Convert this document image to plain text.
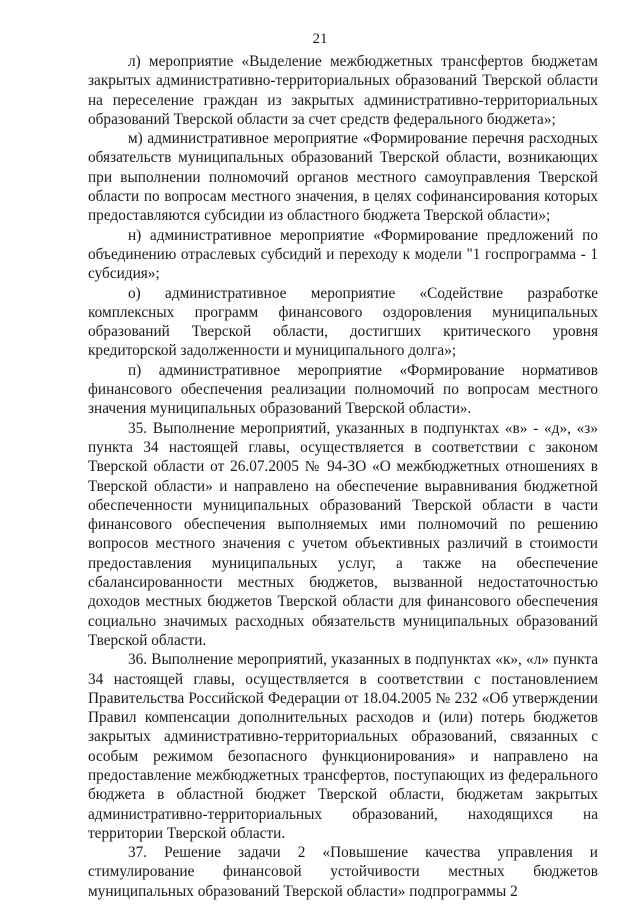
21

л) мероприятие «Выделение межбюджетных трансфертов бюджетам закрытых административно-территориальных образований Тверской области на переселение граждан из закрытых административно-территориальных образований Тверской области за счет средств федерального бюджета»;

м) административное мероприятие «Формирование перечня расходных обязательств муниципальных образований Тверской области, возникающих при выполнении полномочий органов местного самоуправления Тверской области по вопросам местного значения, в целях софинансирования которых предоставляются субсидии из областного бюджета Тверской области»;

н) административное мероприятие «Формирование предложений по объединению отраслевых субсидий и переходу к модели "1 госпрограмма - 1 субсидия»;

о) административное мероприятие «Содействие разработке комплексных программ финансового оздоровления муниципальных образований Тверской области, достигших критического уровня кредиторской задолженности и муниципального долга»;

п) административное мероприятие «Формирование нормативов финансового обеспечения реализации полномочий по вопросам местного значения муниципальных образований Тверской области».

35. Выполнение мероприятий, указанных в подпунктах «в» - «д», «з» пункта 34 настоящей главы, осуществляется в соответствии с законом Тверской области от 26.07.2005 № 94-ЗО «О межбюджетных отношениях в Тверской области» и направлено на обеспечение выравнивания бюджетной обеспеченности муниципальных образований Тверской области в части финансового обеспечения выполняемых ими полномочий по решению вопросов местного значения с учетом объективных различий в стоимости предоставления муниципальных услуг, а также на обеспечение сбалансированности местных бюджетов, вызванной недостаточностью доходов местных бюджетов Тверской области для финансового обеспечения социально значимых расходных обязательств муниципальных образований Тверской области.

36. Выполнение мероприятий, указанных в подпунктах «к», «л» пункта 34 настоящей главы, осуществляется в соответствии с постановлением Правительства Российской Федерации от 18.04.2005 № 232 «Об утверждении Правил компенсации дополнительных расходов и (или) потерь бюджетов закрытых административно-территориальных образований, связанных с особым режимом безопасного функционирования» и направлено на предоставление межбюджетных трансфертов, поступающих из федерального бюджета в областной бюджет Тверской области, бюджетам закрытых административно-территориальных образований, находящихся на территории Тверской области.

37. Решение задачи 2 «Повышение качества управления и стимулирование финансовой устойчивости местных бюджетов муниципальных образований Тверской области» подпрограммы 2
